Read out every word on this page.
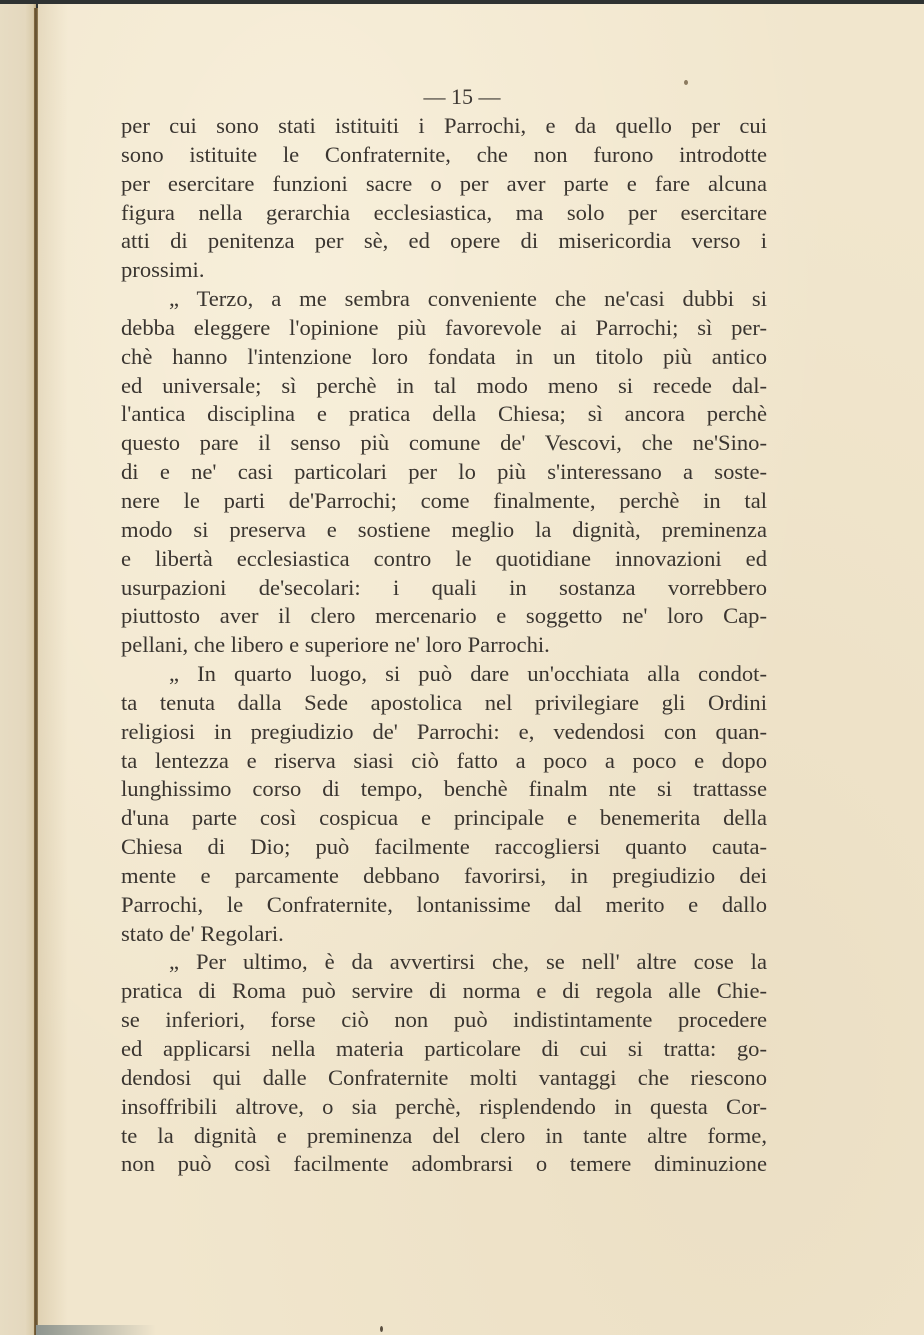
— 15 —
per cui sono stati istituiti i Parrochi, e da quello per cui
sono istituite le Confraternite, che non furono introdotte
per esercitare funzioni sacre o per aver parte e fare alcuna
figura nella gerarchia ecclesiastica, ma solo per esercitare
atti di penitenza per sè, ed opere di misericordia verso i
prossimi.
„ Terzo, a me sembra conveniente che ne'casi dubbi si
debba eleggere l'opinione più favorevole ai Parrochi; sì per-
chè hanno l'intenzione loro fondata in un titolo più antico
ed universale; sì perchè in tal modo meno si recede dal-
l'antica disciplina e pratica della Chiesa; sì ancora perchè
questo pare il senso più comune de' Vescovi, che ne'Sino-
di e ne' casi particolari per lo più s'interessano a soste-
nere le parti de'Parrochi; come finalmente, perchè in tal
modo si preserva e sostiene meglio la dignità, preminenza
e libertà ecclesiastica contro le quotidiane innovazioni ed
usurpazioni de'secolari: i quali in sostanza vorrebbero
piuttosto aver il clero mercenario e soggetto ne' loro Cap-
pellani, che libero e superiore ne' loro Parrochi.
„ In quarto luogo, si può dare un'occhiata alla condot-
ta tenuta dalla Sede apostolica nel privilegiare gli Ordini
religiosi in pregiudizio de' Parrochi: e, vedendosi con quan-
ta lentezza e riserva siasi ciò fatto a poco a poco e dopo
lunghissimo corso di tempo, benchè finalm nte si trattasse
d'una parte così cospicua e principale e benemerita della
Chiesa di Dio; può facilmente raccogliersi quanto cauta-
mente e parcamente debbano favorirsi, in pregiudizio dei
Parrochi, le Confraternite, lontanissime dal merito e dallo
stato de' Regolari.
„ Per ultimo, è da avvertirsi che, se nell' altre cose la
pratica di Roma può servire di norma e di regola alle Chie-
se inferiori, forse ciò non può indistintamente procedere
ed applicarsi nella materia particolare di cui si tratta: go-
dendosi qui dalle Confraternite molti vantaggi che riescono
insoffribili altrove, o sia perchè, risplendendo in questa Cor-
te la dignità e preminenza del clero in tante altre forme,
non può così facilmente adombrarsi o temere diminuzione
